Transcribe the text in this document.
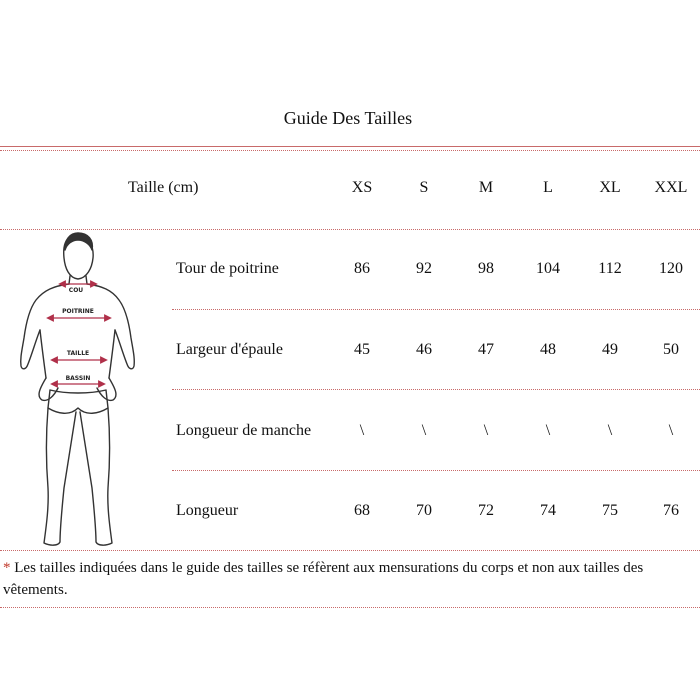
Guide Des Tailles
Taille (cm)	XS	S	M	L	XL XXL
Tour de poitrine	86	92	98	104 112 120
Largeur d'épaule	45	46	47	48	49	50
Longueur de manche	\	\	\	\	\	\
Longueur	68	70	72	74	75	76
COU
POITRINE
TAILLE
BASSIN
* Les tailles indiquées dans le guide des tailles se réfèrent aux mensurations du corps et non aux tailles des vêtements.
